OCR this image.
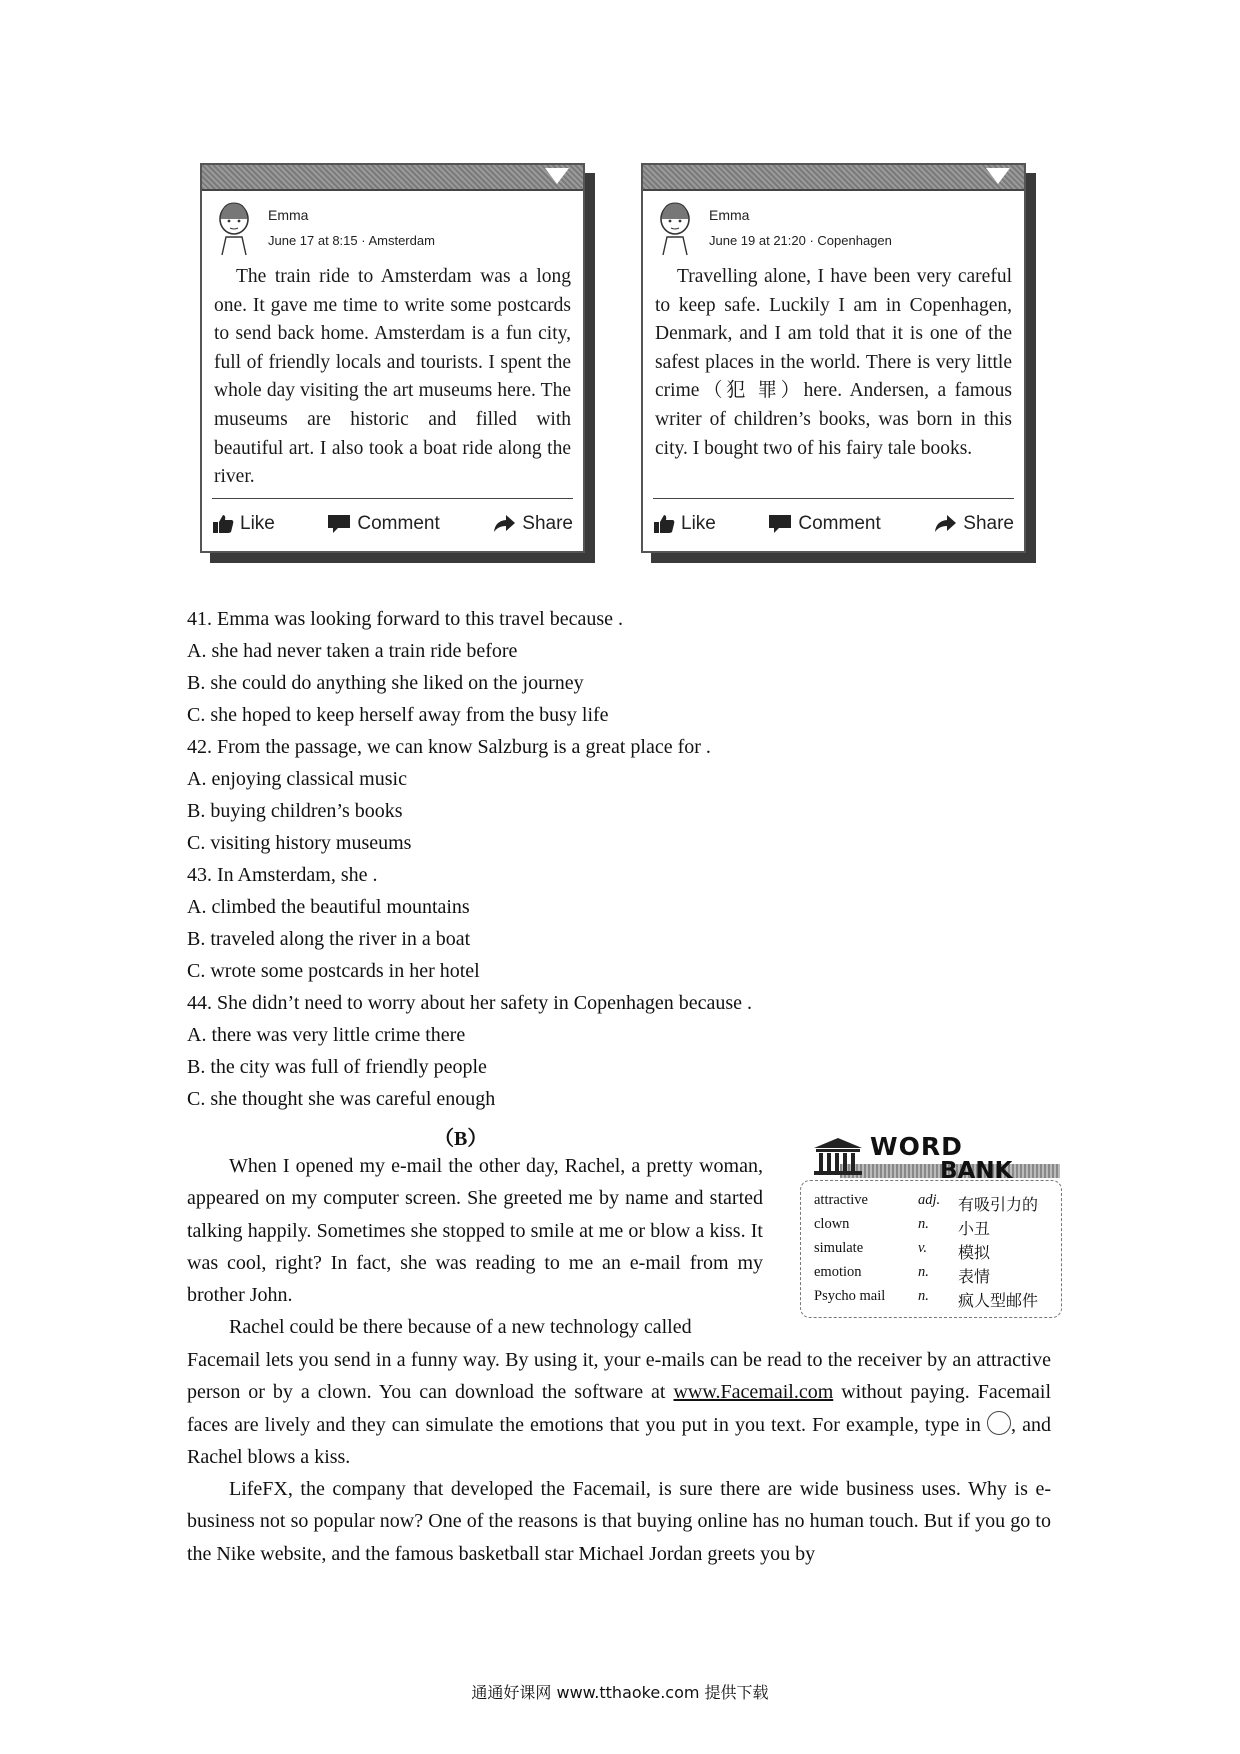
Emma
June 17 at 8:15 · Amsterdam
The train ride to Amsterdam was a long one. It gave me time to write some postcards to send back home. Amsterdam is a fun city, full of friendly locals and tourists. I spent the whole day visiting the art museums here. The museums are historic and filled with beautiful art. I also took a boat ride along the river.
Like	Comment	Share
Emma
June 19 at 21:20 · Copenhagen
Travelling alone, I have been very careful to keep safe. Luckily I am in Copenhagen, Denmark, and I am told that it is one of the safest places in the world. There is very little crime（犯 罪）here. Andersen, a famous writer of children’s books, was born in this city. I bought two of his fairy tale books.
Like	Comment	Share
41. Emma was looking forward to this travel because .
A. she had never taken a train ride before
B. she could do anything she liked on the journey
C. she hoped to keep herself away from the busy life
42. From the passage, we can know Salzburg is a great place for .
A. enjoying classical music
B. buying children’s books
C. visiting history museums
43. In Amsterdam, she .
A. climbed the beautiful mountains
B. traveled along the river in a boat
C. wrote some postcards in her hotel
44. She didn’t need to worry about her safety in Copenhagen because .
A. there was very little crime there
B. the city was full of friendly people
C. she thought she was careful enough
（B）

When I opened my e-mail the other day, Rachel, a pretty woman, appeared on my computer screen. She greeted me by name and started talking happily. Sometimes she stopped to smile at me or blow a kiss. It was cool, right? In fact, she was reading to me an e-mail from my brother John.

Rachel could be there because of a new technology called

Facemail lets you send in a funny way. By using it, your e-mails can be read to the receiver by an attractive person or by a clown. You can download the software at www.Facemail.com without paying. Facemail faces are lively and they can simulate the emotions that you put in you text. For example, type in , and Rachel blows a kiss.

LifeFX, the company that developed the Facemail, is sure there are wide business uses. Why is e-business not so popular now? One of the reasons is that buying online has no human touch. But if you go to the Nike website, and the famous basketball star Michael Jordan greets you by

WORD
BANK
attractive	adj. 有吸引力的
clown	n. 小丑
simulate	v. 模拟
emotion	n. 表情
Psycho mail n. 疯人型邮件
通通好课网 www.tthaoke.com 提供下载
